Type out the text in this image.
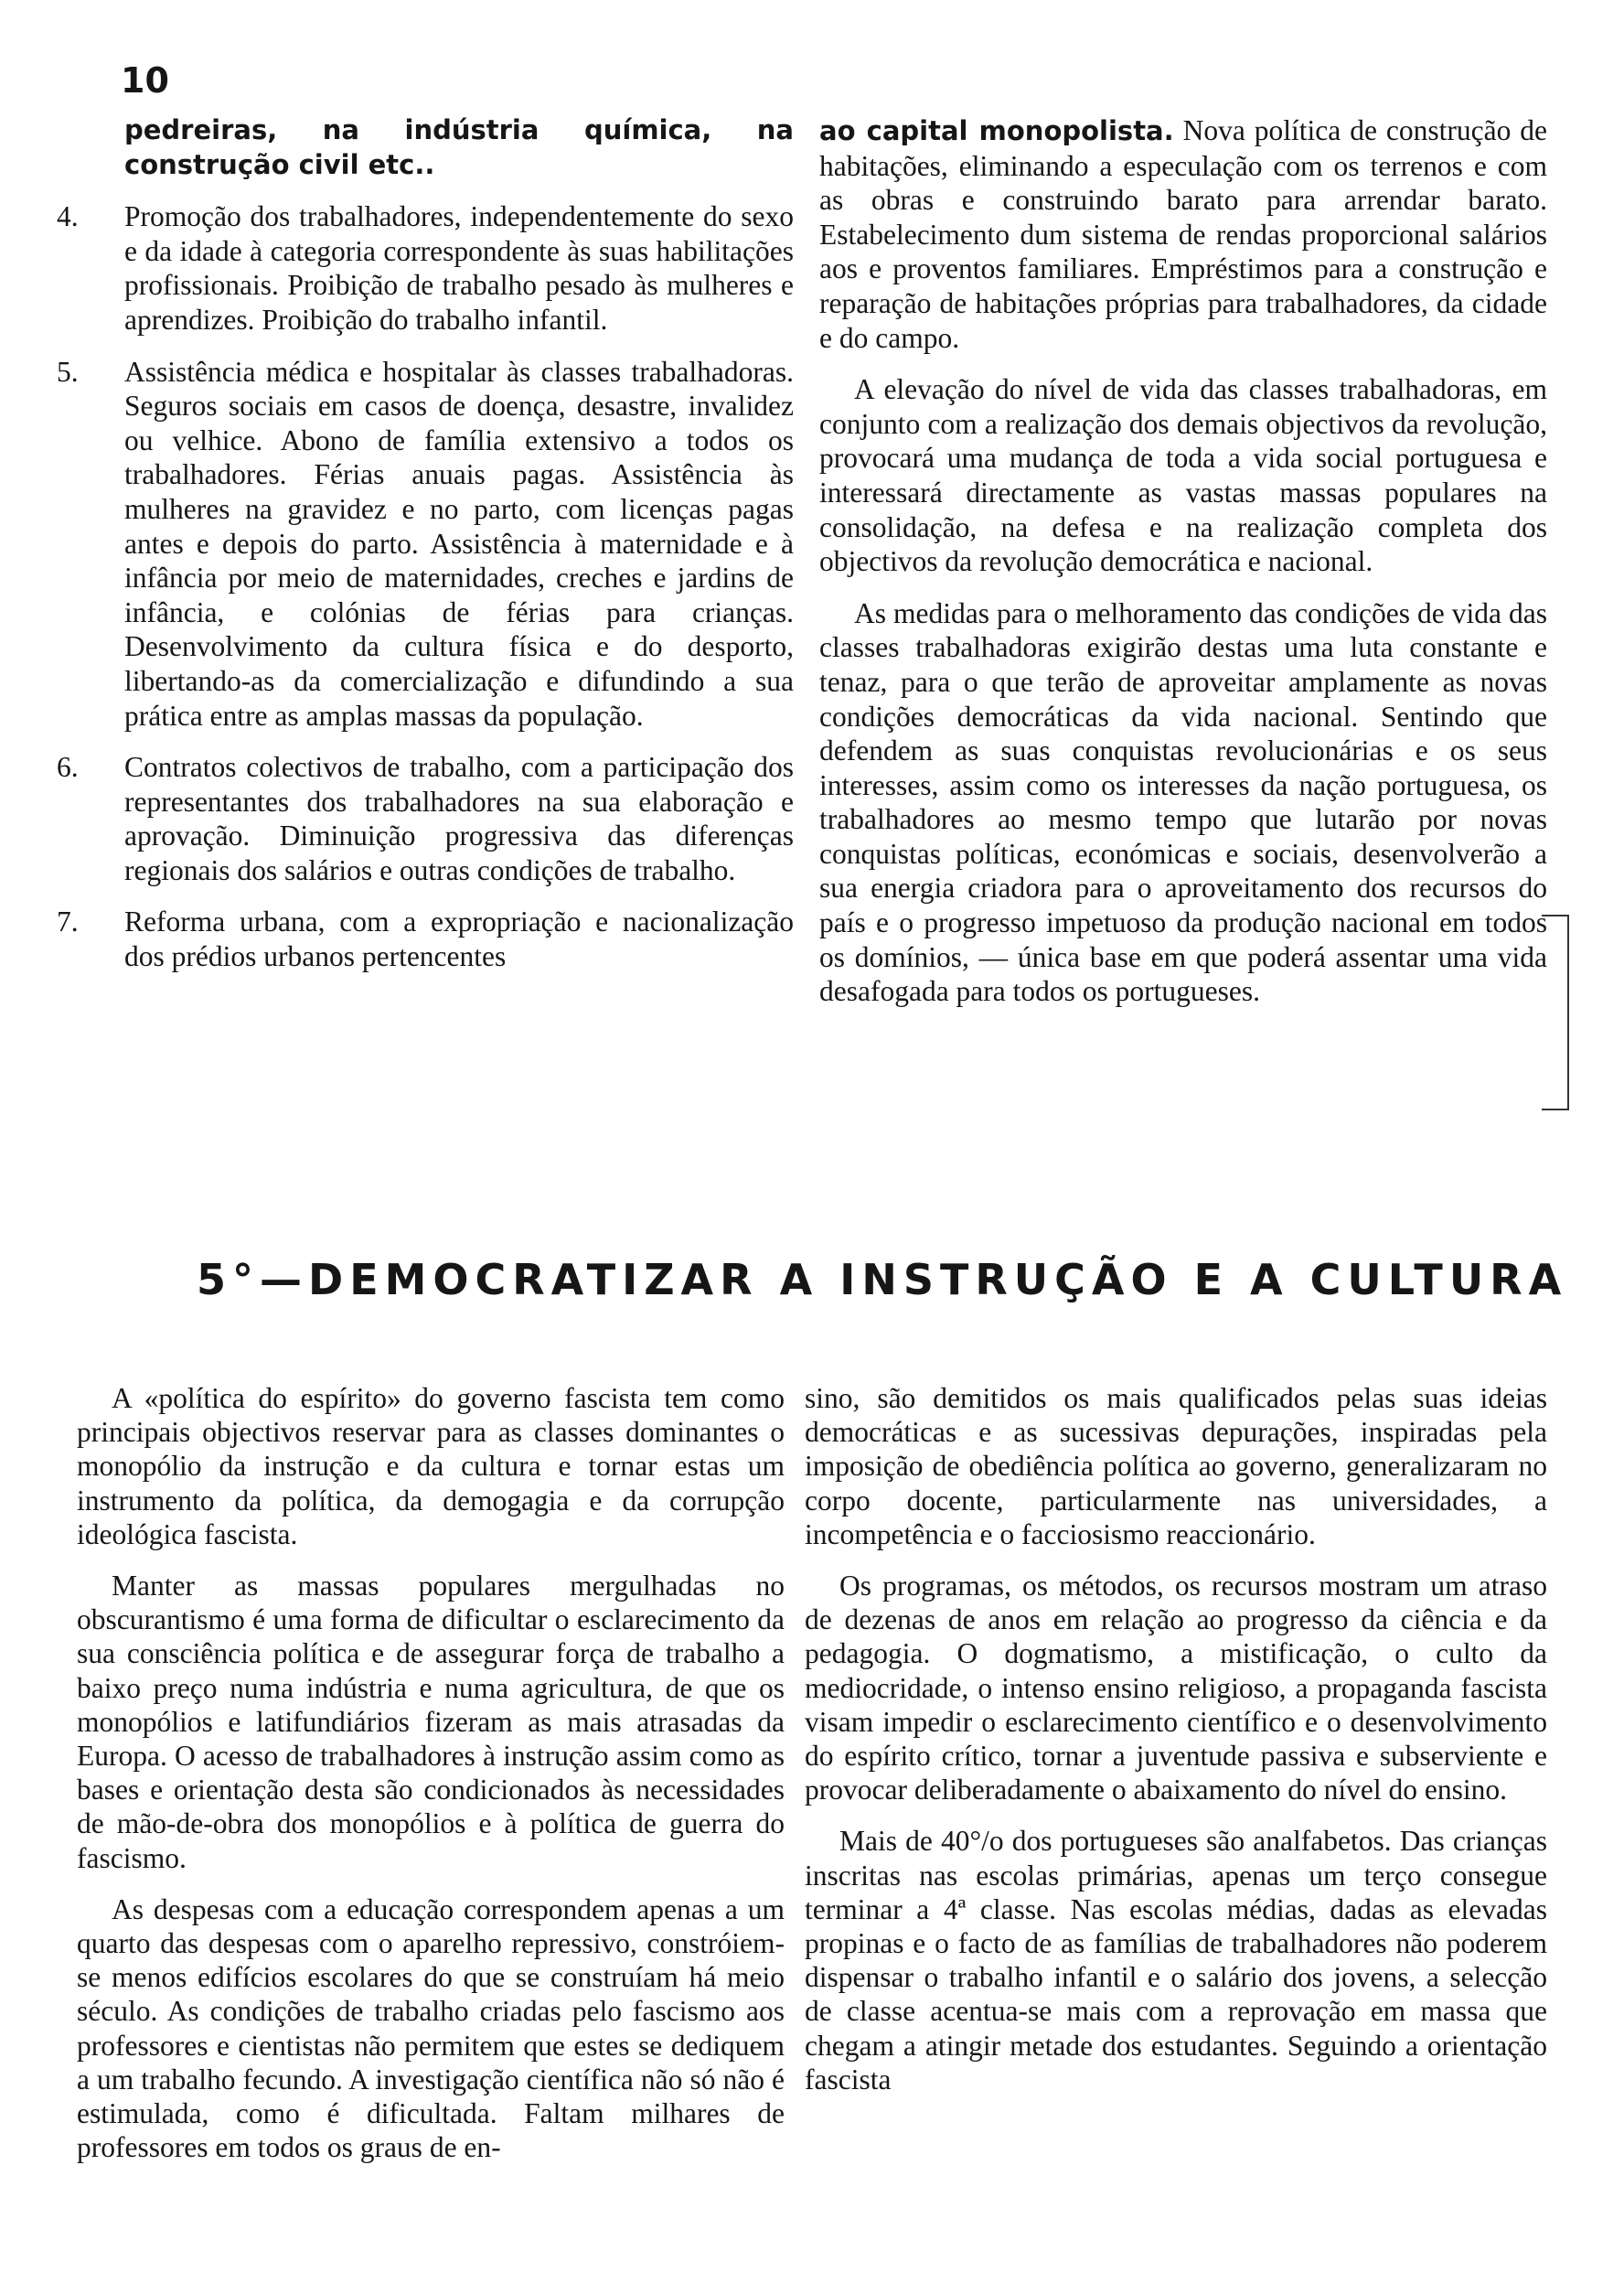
10

pedreiras, na indústria química, na construção civil etc..

4. Promoção dos trabalhadores, independentemente do sexo e da idade à categoria correspondente às suas habilitações profissionais. Proibição de trabalho pesado às mulheres e aprendizes. Proibição do trabalho infantil.

5. Assistência médica e hospitalar às classes trabalhadoras. Seguros sociais em casos de doença, desastre, invalidez ou velhice. Abono de família extensivo a todos os trabalhadores. Férias anuais pagas. Assistência às mulheres na gravidez e no parto, com licenças pagas antes e depois do parto. Assistência à maternidade e à infância por meio de maternidades, creches e jardins de infância, e colónias de férias para crianças. Desenvolvimento da cultura física e do desporto, libertando-as da comercialização e difundindo a sua prática entre as amplas massas da população.

6. Contratos colectivos de trabalho, com a participação dos representantes dos trabalhadores na sua elaboração e aprovação. Diminuição progressiva das diferenças regionais dos salários e outras condições de trabalho.

7. Reforma urbana, com a expropriação e nacionalização dos prédios urbanos pertencentes

ao capital monopolista. Nova política de construção de habitações, eliminando a especulação com os terrenos e com as obras e construindo barato para arrendar barato. Estabelecimento dum sistema de rendas proporcional salários aos e proventos familiares. Empréstimos para a construção e reparação de habitações próprias para trabalhadores, da cidade e do campo.

A elevação do nível de vida das classes trabalhadoras, em conjunto com a realização dos demais objectivos da revolução, provocará uma mudança de toda a vida social portuguesa e interessará directamente as vastas massas populares na consolidação, na defesa e na realização completa dos objectivos da revolução democrática e nacional.

As medidas para o melhoramento das condições de vida das classes trabalhadoras exigirão destas uma luta constante e tenaz, para o que terão de aproveitar amplamente as novas condições democráticas da vida nacional. Sentindo que defendem as suas conquistas revolucionárias e os seus interesses, assim como os interesses da nação portuguesa, os trabalhadores ao mesmo tempo que lutarão por novas conquistas políticas, económicas e sociais, desenvolverão a sua energia criadora para o aproveitamento dos recursos do país e o progresso impetuoso da produção nacional em todos os domínios, — única base em que poderá assentar uma vida desafogada para todos os portugueses.

5°—DEMOCRATIZAR A INSTRUÇÃO E A CULTURA

A «política do espírito» do governo fascista tem como principais objectivos reservar para as classes dominantes o monopólio da instrução e da cultura e tornar estas um instrumento da política, da demogagia e da corrupção ideológica fascista.

Manter as massas populares mergulhadas no obscurantismo é uma forma de dificultar o esclarecimento da sua consciência política e de assegurar força de trabalho a baixo preço numa indústria e numa agricultura, de que os monopólios e latifundiários fizeram as mais atrasadas da Europa. O acesso de trabalhadores à instrução assim como as bases e orientação desta são condicionados às necessidades de mão-de-obra dos monopólios e à política de guerra do fascismo.

As despesas com a educação correspondem apenas a um quarto das despesas com o aparelho repressivo, constróiem-se menos edifícios escolares do que se construíam há meio século. As condições de trabalho criadas pelo fascismo aos professores e cientistas não permitem que estes se dediquem a um trabalho fecundo. A investigação científica não só não é estimulada, como é dificultada. Faltam milhares de professores em todos os graus de en-

sino, são demitidos os mais qualificados pelas suas ideias democráticas e as sucessivas depurações, inspiradas pela imposição de obediência política ao governo, generalizaram no corpo docente, particularmente nas universidades, a incompetência e o facciosismo reaccionário.

Os programas, os métodos, os recursos mostram um atraso de dezenas de anos em relação ao progresso da ciência e da pedagogia. O dogmatismo, a mistificação, o culto da mediocridade, o intenso ensino religioso, a propaganda fascista visam impedir o esclarecimento científico e o desenvolvimento do espírito crítico, tornar a juventude passiva e subserviente e provocar deliberadamente o abaixamento do nível do ensino.

Mais de 40°/o dos portugueses são analfabetos. Das crianças inscritas nas escolas primárias, apenas um terço consegue terminar a 4ª classe. Nas escolas médias, dadas as elevadas propinas e o facto de as famílias de trabalhadores não poderem dispensar o trabalho infantil e o salário dos jovens, a selecção de classe acentua-se mais com a reprovação em massa que chegam a atingir metade dos estudantes. Seguindo a orientação fascista
